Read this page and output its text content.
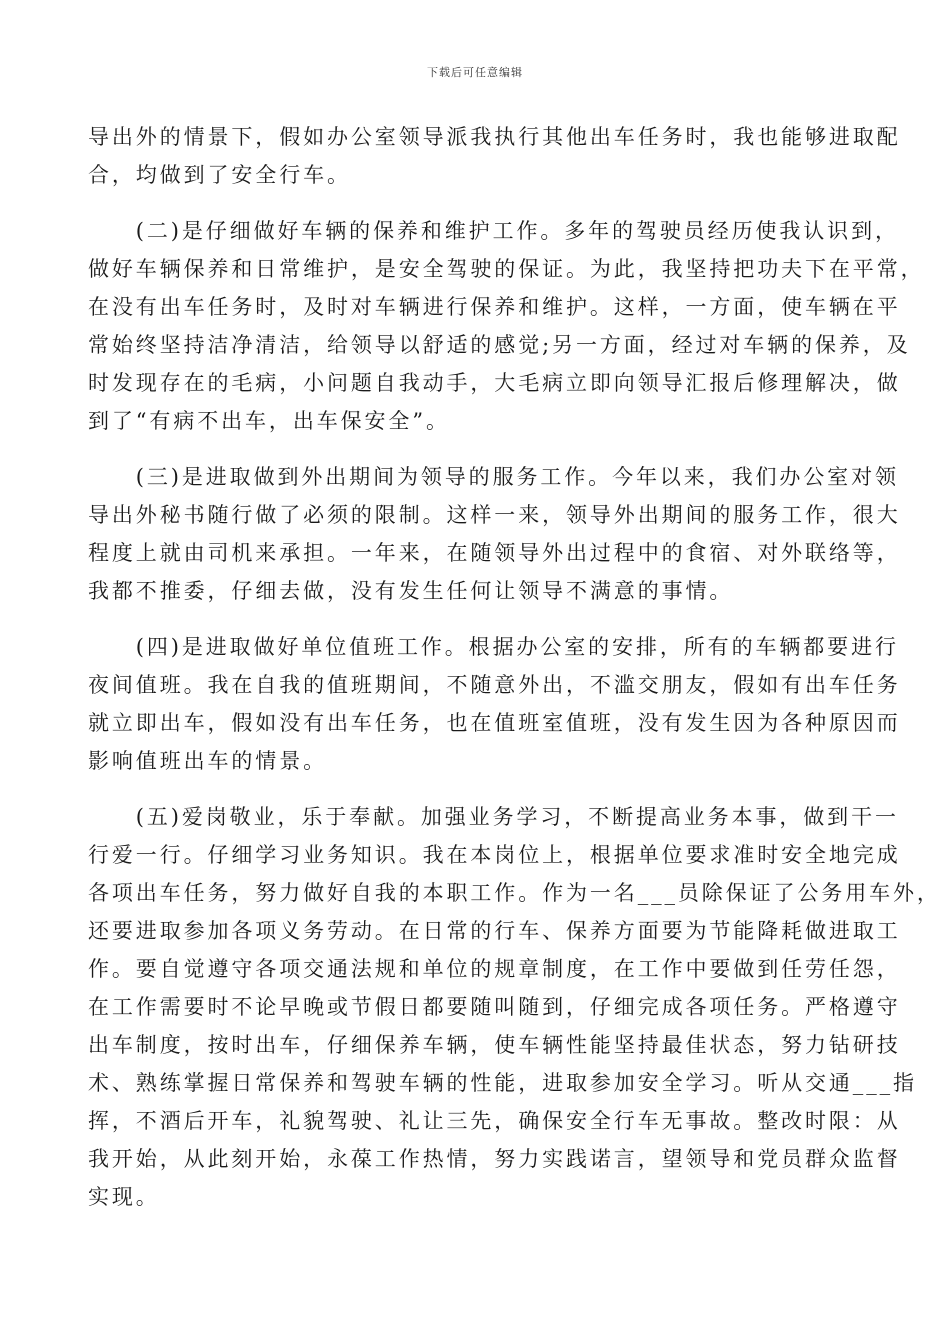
下载后可任意编辑

导出外的情景下，假如办公室领导派我执行其他出车任务时，我也能够进取配
合，均做到了安全行车。

　　(二)是仔细做好车辆的保养和维护工作。多年的驾驶员经历使我认识到，
做好车辆保养和日常维护，是安全驾驶的保证。为此，我坚持把功夫下在平常，
在没有出车任务时，及时对车辆进行保养和维护。这样，一方面，使车辆在平
常始终坚持洁净清洁，给领导以舒适的感觉;另一方面，经过对车辆的保养，及
时发现存在的毛病，小问题自我动手，大毛病立即向领导汇报后修理解决，做
到了“有病不出车，出车保安全”。

　　(三)是进取做到外出期间为领导的服务工作。今年以来，我们办公室对领
导出外秘书随行做了必须的限制。这样一来，领导外出期间的服务工作，很大
程度上就由司机来承担。一年来，在随领导外出过程中的食宿、对外联络等，
我都不推委，仔细去做，没有发生任何让领导不满意的事情。

　　(四)是进取做好单位值班工作。根据办公室的安排，所有的车辆都要进行
夜间值班。我在自我的值班期间，不随意外出，不滥交朋友，假如有出车任务
就立即出车，假如没有出车任务，也在值班室值班，没有发生因为各种原因而
影响值班出车的情景。

　　(五)爱岗敬业，乐于奉献。加强业务学习，不断提高业务本事，做到干一
行爱一行。仔细学习业务知识。我在本岗位上，根据单位要求准时安全地完成
各项出车任务，努力做好自我的本职工作。作为一名___员除保证了公务用车外，
还要进取参加各项义务劳动。在日常的行车、保养方面要为节能降耗做进取工
作。要自觉遵守各项交通法规和单位的规章制度，在工作中要做到任劳任怨，
在工作需要时不论早晚或节假日都要随叫随到，仔细完成各项任务。严格遵守
出车制度，按时出车，仔细保养车辆，使车辆性能坚持最佳状态，努力钻研技
术、熟练掌握日常保养和驾驶车辆的性能，进取参加安全学习。听从交通___指
挥，不酒后开车，礼貌驾驶、礼让三先，确保安全行车无事故。整改时限：从
我开始，从此刻开始，永葆工作热情，努力实践诺言，望领导和党员群众监督
实现。
